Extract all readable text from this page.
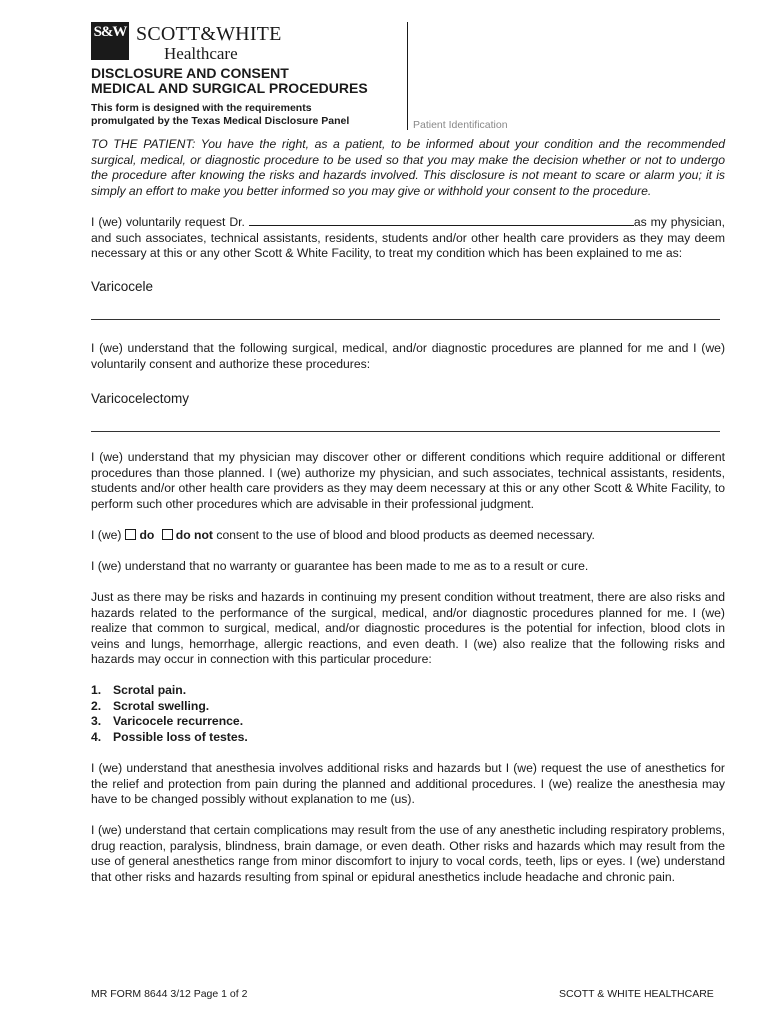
S&W SCOTT&WHITE
Healthcare
DISCLOSURE AND CONSENT
MEDICAL AND SURGICAL PROCEDURES
This form is designed with the requirements
promulgated by the Texas Medical Disclosure Panel	Patient Identification
TO THE PATIENT: You have the right, as a patient, to be informed about your condition and the recommended surgical, medical, or diagnostic procedure to be used so that you may make the decision whether or not to undergo the procedure after knowing the risks and hazards involved. This disclosure is not meant to scare or alarm you; it is simply an effort to make you better informed so you may give or withhold your consent to the procedure.
I (we) voluntarily request Dr.	as my physician, and such associates, technical assistants, residents, students and/or other health care providers as they may deem necessary at this or any other Scott & White Facility, to treat my condition which has been explained to me as:
Varicocele
I (we) understand that the following surgical, medical, and/or diagnostic procedures are planned for me and I (we) voluntarily consent and authorize these procedures:
Varicocelectomy
I (we) understand that my physician may discover other or different conditions which require additional or different procedures than those planned. I (we) authorize my physician, and such associates, technical assistants, residents, students and/or other health care providers as they may deem necessary at this or any other Scott & White Facility, to perform such other procedures which are advisable in their professional judgment.
I (we) do do not consent to the use of blood and blood products as deemed necessary.
I (we) understand that no warranty or guarantee has been made to me as to a result or cure.
Just as there may be risks and hazards in continuing my present condition without treatment, there are also risks and hazards related to the performance of the surgical, medical, and/or diagnostic procedures planned for me. I (we) realize that common to surgical, medical, and/or diagnostic procedures is the potential for infection, blood clots in veins and lungs, hemorrhage, allergic reactions, and even death. I (we) also realize that the following risks and hazards may occur in connection with this particular procedure:
1. Scrotal pain.
2. Scrotal swelling.
3. Varicocele recurrence.
4. Possible loss of testes.
I (we) understand that anesthesia involves additional risks and hazards but I (we) request the use of anesthetics for the relief and protection from pain during the planned and additional procedures. I (we) realize the anesthesia may have to be changed possibly without explanation to me (us).
I (we) understand that certain complications may result from the use of any anesthetic including respiratory problems, drug reaction, paralysis, blindness, brain damage, or even death. Other risks and hazards which may result from the use of general anesthetics range from minor discomfort to injury to vocal cords, teeth, lips or eyes. I (we) understand that other risks and hazards resulting from spinal or epidural anesthetics include headache and chronic pain.
MR FORM 8644 3/12 Page 1 of 2	SCOTT & WHITE HEALTHCARE
